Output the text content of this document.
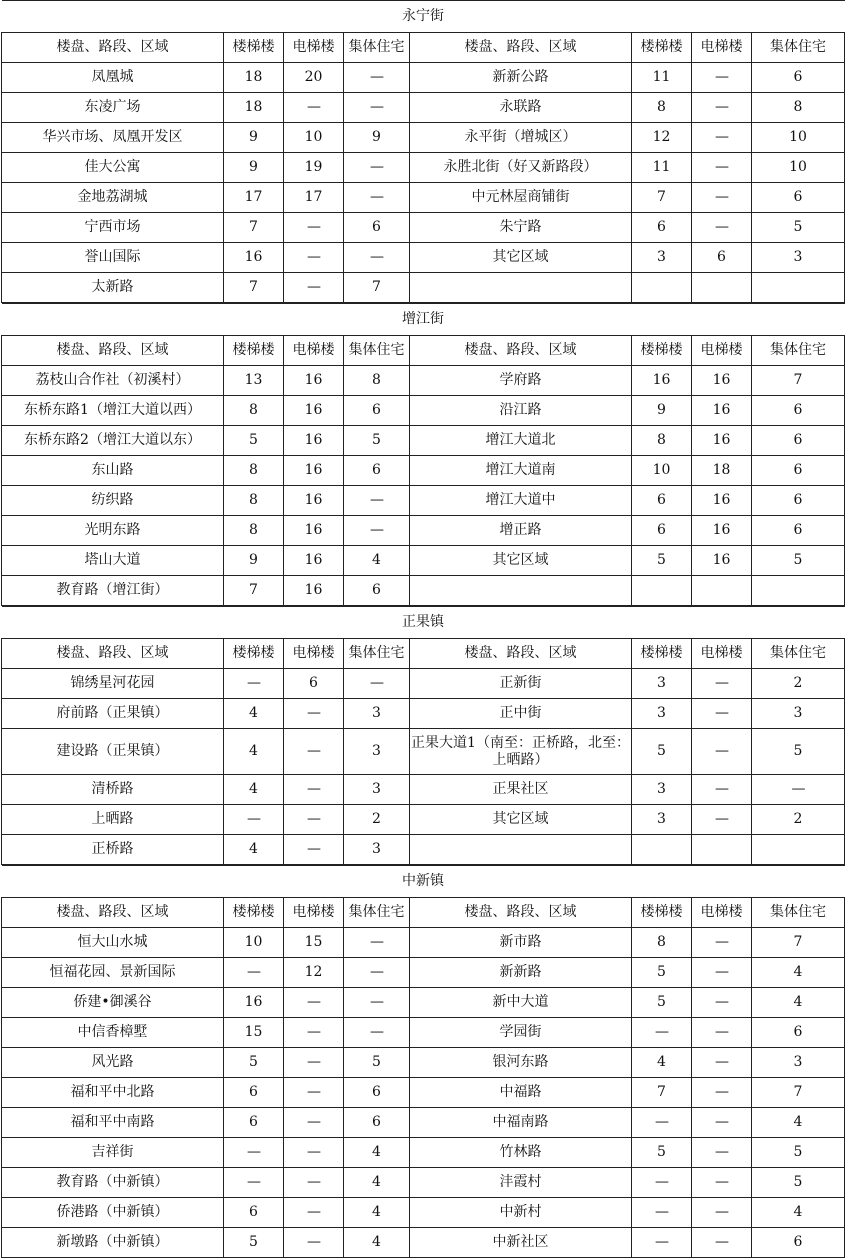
永宁街							
楼盘、路段、区域	楼梯楼	电梯楼	集体住宅	楼盘、路段、区域	楼梯楼	电梯楼	集体住宅
凤凰城	18	20	—	新新公路	11	—	6
东凌广场	18	—	—	永联路	8	—	8
华兴市场、凤凰开发区	9	10	9	永平街（增城区）	12	—	10
佳大公寓	9	19	—	永胜北街（好又新路段）	11	—	10
金地荔湖城	17	17	—	中元林屋商铺街	7	—	6
宁西市场	7	—	6	朱宁路	6	—	5
誉山国际	16	—	—	其它区域	3	6	3
太新路	7	—	7				
增江街							
楼盘、路段、区域	楼梯楼	电梯楼	集体住宅	楼盘、路段、区域	楼梯楼	电梯楼	集体住宅
荔枝山合作社（初溪村）	13	16	8	学府路	16	16	7
东桥东路1（增江大道以西）	8	16	6	沿江路	9	16	6
东桥东路2（增江大道以东）	5	16	5	增江大道北	8	16	6
东山路	8	16	6	增江大道南	10	18	6
纺织路	8	16	—	增江大道中	6	16	6
光明东路	8	16	—	增正路	6	16	6
塔山大道	9	16	4	其它区域	5	16	5
教育路（增江街）	7	16	6				
正果镇							
楼盘、路段、区域	楼梯楼	电梯楼	集体住宅	楼盘、路段、区域	楼梯楼	电梯楼	集体住宅
锦绣星河花园	—	6	—	正新街	3	—	2
府前路（正果镇）	4	—	3	正中街	3	—	3
建设路（正果镇）	4	—	3	正果大道1（南至：正桥路，北至：上晒路）	5	—	5
清桥路	4	—	3	正果社区	3	—	—
上晒路	—	—	2	其它区域	3	—	2
正桥路	4	—	3				
中新镇							
楼盘、路段、区域	楼梯楼	电梯楼	集体住宅	楼盘、路段、区域	楼梯楼	电梯楼	集体住宅
恒大山水城	10	15	—	新市路	8	—	7
恒福花园、景新国际	—	12	—	新新路	5	—	4
侨建•御溪谷	16	—	—	新中大道	5	—	4
中信香樟墅	15	—	—	学园街	—	—	6
风光路	5	—	5	银河东路	4	—	3
福和平中北路	6	—	6	中福路	7	—	7
福和平中南路	6	—	6	中福南路	—	—	4
吉祥街	—	—	4	竹林路	5	—	5
教育路（中新镇）	—	—	4	沣霞村	—	—	5
侨港路（中新镇）	6	—	4	中新村	—	—	4
新墩路（中新镇）	5	—	4	中新社区	—	—	6
